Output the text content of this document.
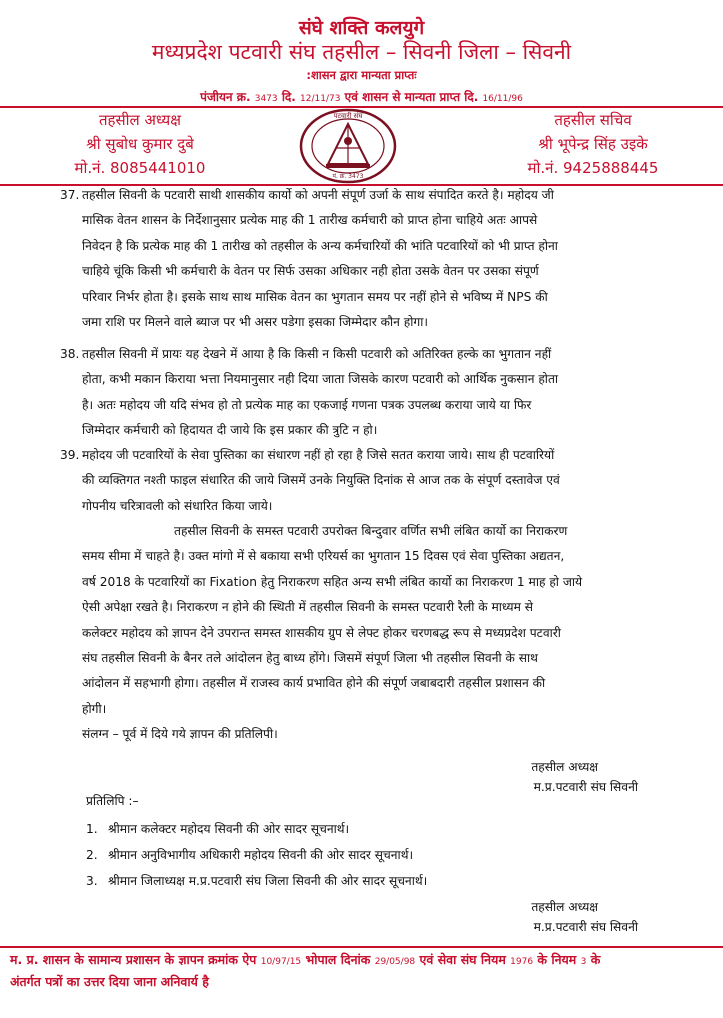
संघे शक्ति कलयुगे
मध्यप्रदेश पटवारी संघ तहसील – सिवनी जिला – सिवनी
:शासन द्वारा मान्यता प्राप्तः
पंजीयन क्र. 3473 दि. 12/11/73 एवं शासन से मान्यता प्राप्त दि. 16/11/96
तहसील अध्यक्ष
श्री सुबोध कुमार दुबे
मो.नं. 8085441010
तहसील सचिव
श्री भूपेन्द्र सिंह उइके
मो.नं. 9425888445
पटवारी संघ
पं. क्र. 3473
37. तहसील सिवनी के पटवारी साथी शासकीय कार्यो को अपनी संपूर्ण उर्जा के साथ संपादित करते है। महोदय जी
मासिक वेतन शासन के निर्देशानुसार प्रत्येक माह की 1 तारीख कर्मचारी को प्राप्त होना चाहिये अतः आपसे
निवेदन है कि प्रत्येक माह की 1 तारीख को तहसील के अन्य कर्मचारियों की भांति पटवारियों को भी प्राप्त होना
चाहिये चूंकि किसी भी कर्मचारी के वेतन पर सिर्फ उसका अधिकार नही होता उसके वेतन पर उसका संपूर्ण
परिवार निर्भर होता है। इसके साथ साथ मासिक वेतन का भुगतान समय पर नहीं होने से भविष्य में NPS की
जमा राशि पर मिलने वाले ब्याज पर भी असर पडेगा इसका जिम्मेदार कौन होगा।
38. तहसील सिवनी में प्रायः यह देखने में आया है कि किसी न किसी पटवारी को अतिरिक्त हल्के का भुगतान नहीं
होता, कभी मकान किराया भत्ता नियमानुसार नही दिया जाता जिसके कारण पटवारी को आर्थिक नुकसान होता
है। अतः महोदय जी यदि संभव हो तो प्रत्येक माह का एकजाई गणना पत्रक उपलब्ध कराया जाये या फिर
जिम्मेदार कर्मचारी को हिदायत दी जाये कि इस प्रकार की त्रुटि न हो।
39. महोदय जी पटवारियों के सेवा पुस्तिका का संधारण नहीं हो रहा है जिसे सतत कराया जाये। साथ ही पटवारियों
की व्यक्तिगत नश्ती फाइल संधारित की जाये जिसमें उनके नियुक्ति दिनांक से आज तक के संपूर्ण दस्तावेज एवं
गोपनीय चरित्रावली को संधारित किया जाये।
तहसील सिवनी के समस्त पटवारी उपरोक्त बिन्दुवार वर्णित सभी लंबित कार्यो का निराकरण
समय सीमा में चाहते है। उक्त मांगो में से बकाया सभी एरियर्स का भुगतान 15 दिवस एवं सेवा पुस्तिका अद्यतन,
वर्ष 2018 के पटवारियों का Fixation हेतु निराकरण सहित अन्य सभी लंबित कार्यो का निराकरण 1 माह हो जाये
ऐसी अपेक्षा रखते है। निराकरण न होने की स्थिती में तहसील सिवनी के समस्त पटवारी रैली के माध्यम से
कलेक्टर महोदय को ज्ञापन देने उपरान्त समस्त शासकीय ग्रुप से लेफ्ट होकर चरणबद्ध रूप से मध्यप्रदेश पटवारी
संघ तहसील सिवनी के बैनर तले आंदोलन हेतु बाध्य होंगे। जिसमें संपूर्ण जिला भी तहसील सिवनी के साथ
आंदोलन में सहभागी होगा। तहसील में राजस्व कार्य प्रभावित होने की संपूर्ण जबाबदारी तहसील प्रशासन की
होगी।
संलग्न – पूर्व में दिये गये ज्ञापन की प्रतिलिपी।
तहसील अध्यक्ष
म.प्र.पटवारी संघ सिवनी
प्रतिलिपि :–
1. श्रीमान कलेक्टर महोदय सिवनी की ओर सादर सूचनार्थ।
2. श्रीमान अनुविभागीय अधिकारी महोदय सिवनी की ओर सादर सूचनार्थ।
3. श्रीमान जिलाध्यक्ष म.प्र.पटवारी संघ जिला सिवनी की ओर सादर सूचनार्थ।
तहसील अध्यक्ष
म.प्र.पटवारी संघ सिवनी
म. प्र. शासन के सामान्य प्रशासन के ज्ञापन क्रमांक ऐप 10/97/15 भोपाल दिनांक 29/05/98 एवं सेवा संघ नियम 1976 के नियम 3 के
अंतर्गत पत्रों का उत्तर दिया जाना अनिवार्य है
